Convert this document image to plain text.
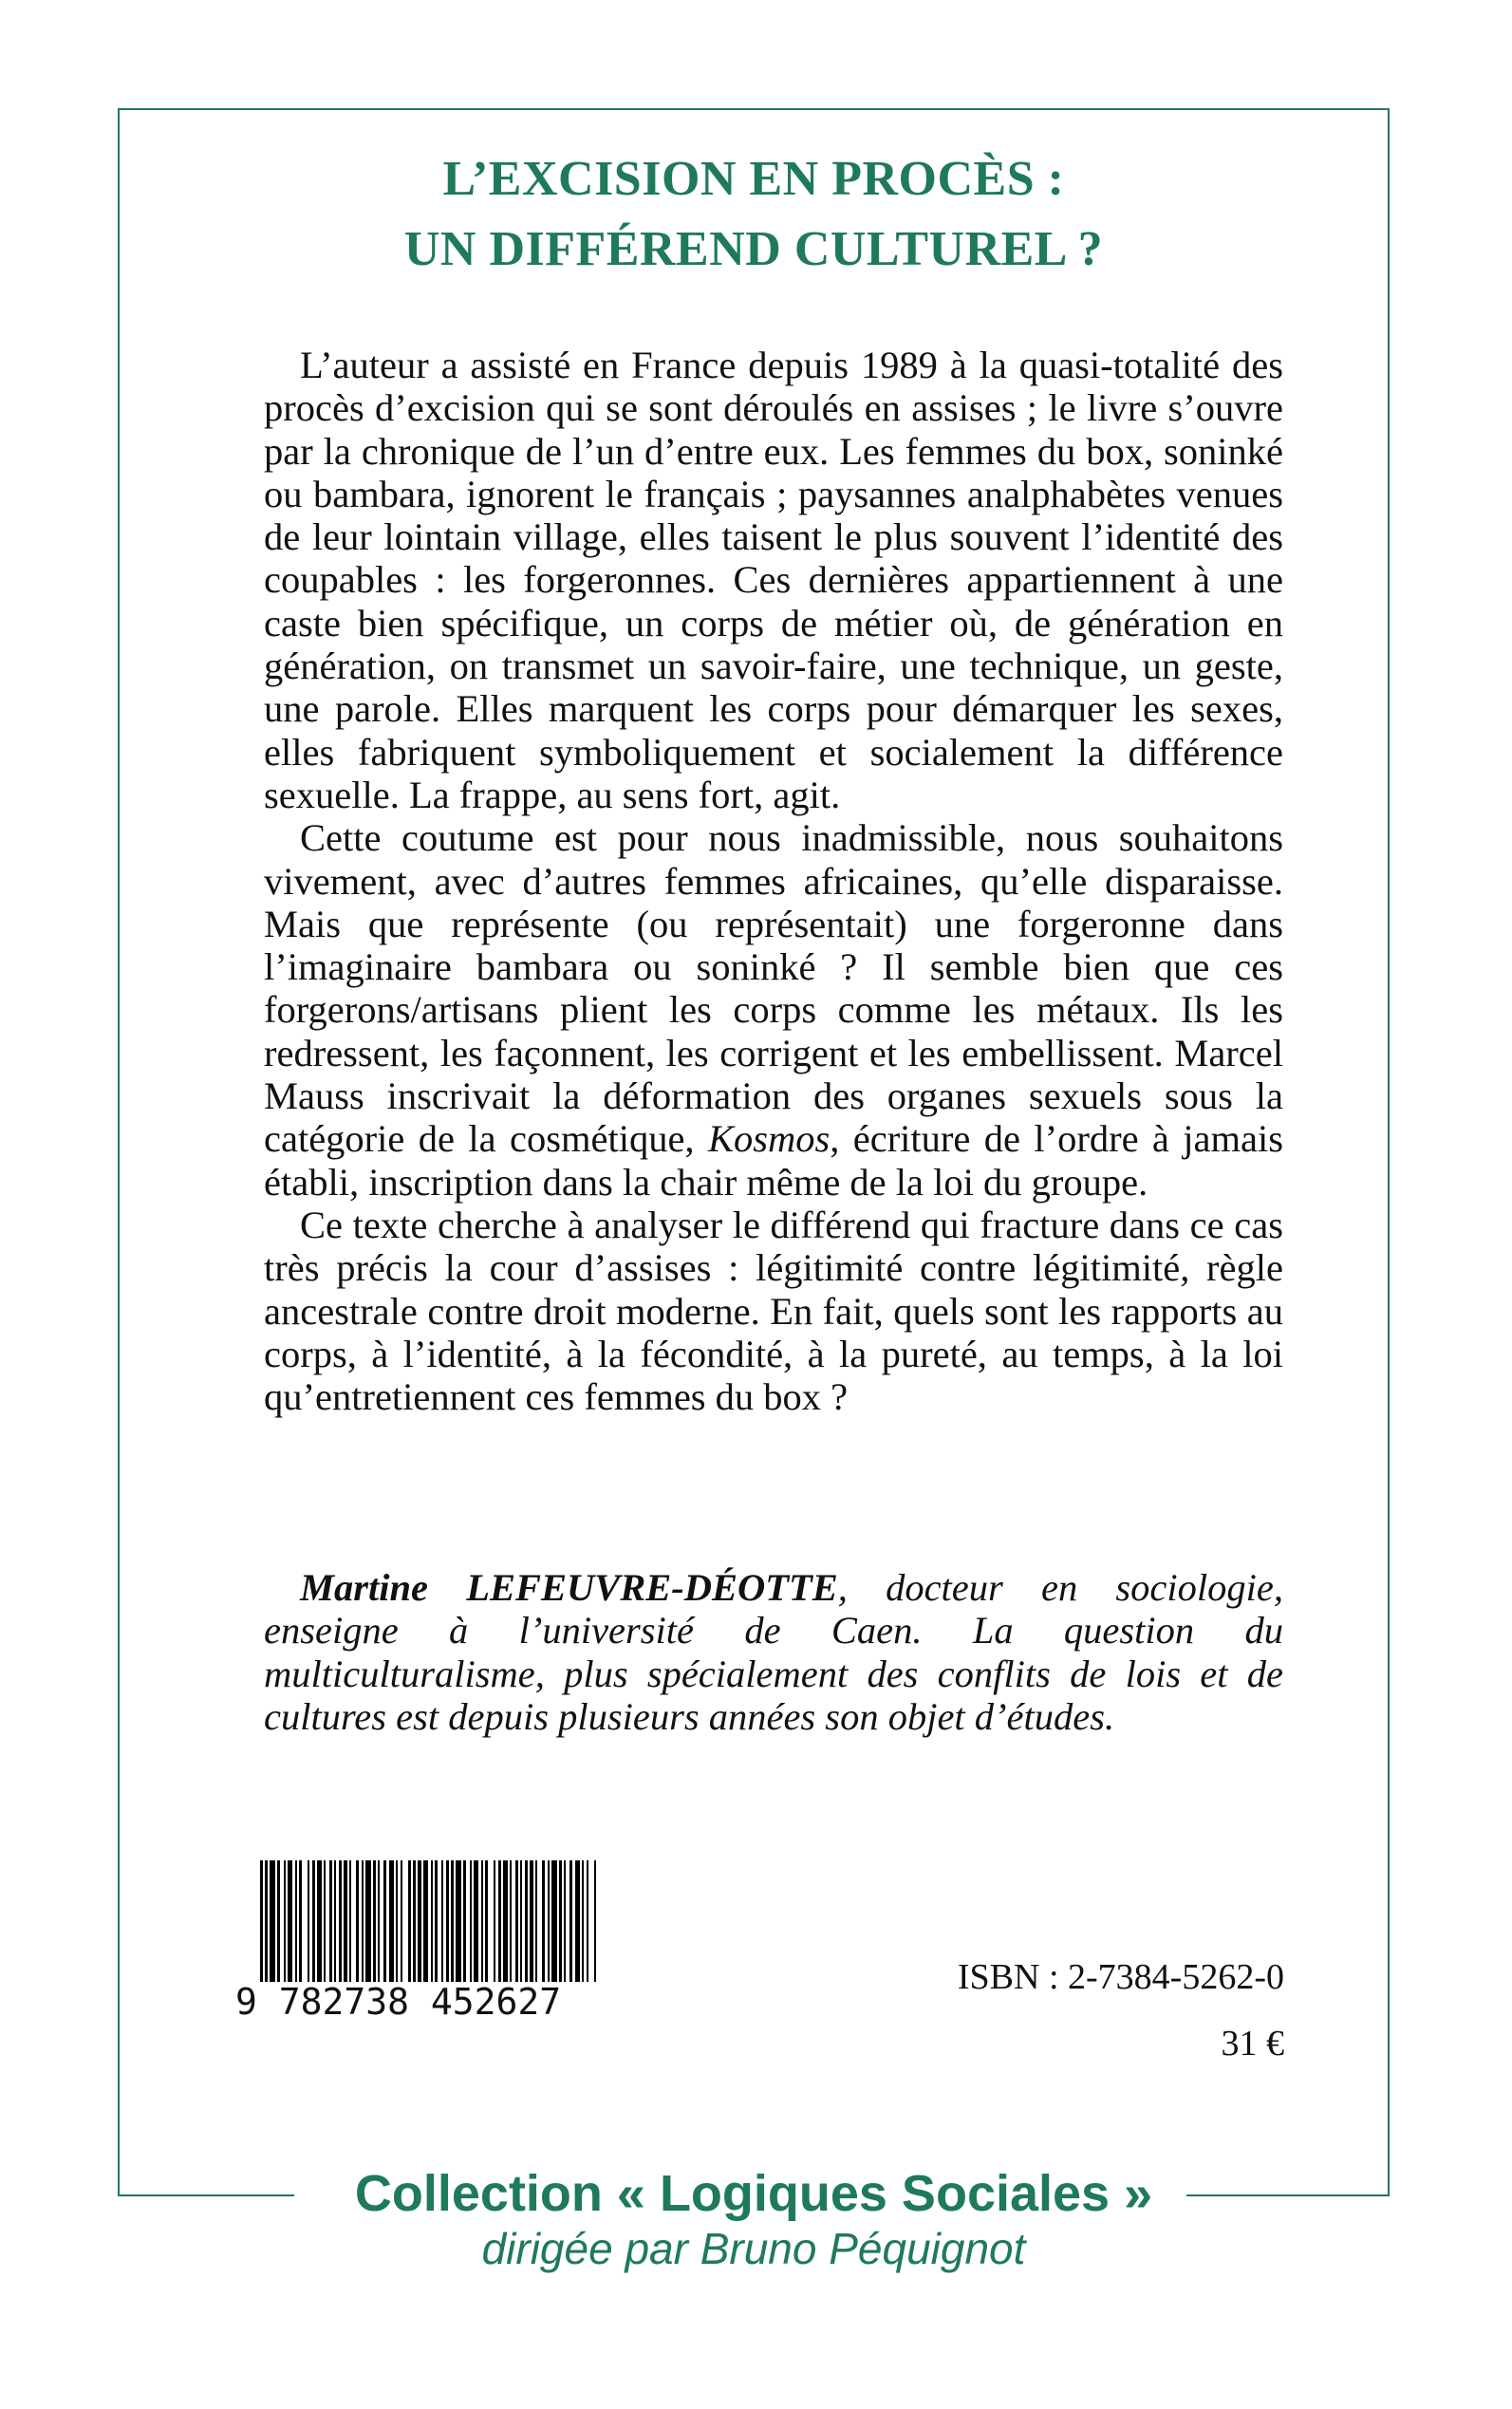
L’EXCISION EN PROCÈS :
UN DIFFÉREND CULTUREL ?

L’auteur a assisté en France depuis 1989 à la quasi-totalité des procès d’excision qui se sont déroulés en assises ; le livre s’ouvre par la chronique de l’un d’entre eux. Les femmes du box, soninké ou bambara, ignorent le français ; paysannes analphabètes venues de leur lointain village, elles taisent le plus souvent l’identité des coupables : les forgeronnes. Ces dernières appartiennent à une caste bien spécifique, un corps de métier où, de génération en génération, on transmet un savoir-faire, une technique, un geste, une parole. Elles marquent les corps pour démarquer les sexes, elles fabriquent symboliquement et socialement la différence sexuelle. La frappe, au sens fort, agit.

Cette coutume est pour nous inadmissible, nous souhaitons vivement, avec d’autres femmes africaines, qu’elle disparaisse. Mais que représente (ou représentait) une forgeronne dans l’imaginaire bambara ou soninké ? Il semble bien que ces forgerons/artisans plient les corps comme les métaux. Ils les redressent, les façonnent, les corrigent et les embellissent. Marcel Mauss inscrivait la déformation des organes sexuels sous la catégorie de la cosmétique, Kosmos, écriture de l’ordre à jamais établi, inscription dans la chair même de la loi du groupe.

Ce texte cherche à analyser le différend qui fracture dans ce cas très précis la cour d’assises : légitimité contre légitimité, règle ancestrale contre droit moderne. En fait, quels sont les rapports au corps, à l’identité, à la fécondité, à la pureté, au temps, à la loi qu’entretiennent ces femmes du box ?

Martine LEFEUVRE-DÉOTTE, docteur en sociologie, enseigne à l’université de Caen. La question du multiculturalisme, plus spécialement des conflits de lois et de cultures est depuis plusieurs années son objet d’études.
9 782738 452627
ISBN : 2-7384-5262-0
31 €
Collection « Logiques Sociales »
dirigée par Bruno Péquignot
